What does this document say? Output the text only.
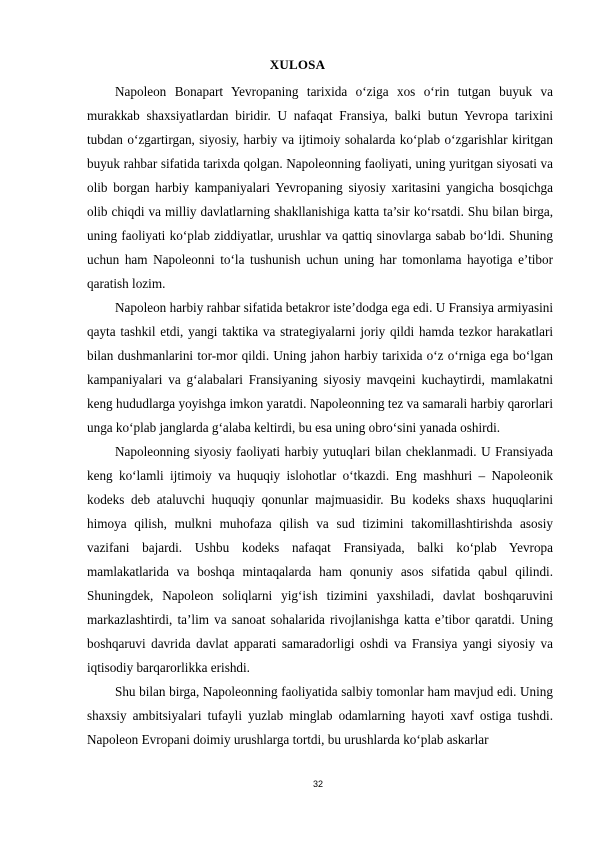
XULOSA

Napoleon Bonapart Yevropaning tarixida o‘ziga xos o‘rin tutgan buyuk va murakkab shaxsiyatlardan biridir. U nafaqat Fransiya, balki butun Yevropa tarixini tubdan o‘zgartirgan, siyosiy, harbiy va ijtimoiy sohalarda ko‘plab o‘zgarishlar kiritgan buyuk rahbar sifatida tarixda qolgan. Napoleonning faoliyati, uning yuritgan siyosati va olib borgan harbiy kampaniyalari Yevropaning siyosiy xaritasini yangicha bosqichga olib chiqdi va milliy davlatlarning shakllanishiga katta ta’sir ko‘rsatdi. Shu bilan birga, uning faoliyati ko‘plab ziddiyatlar, urushlar va qattiq sinovlarga sabab bo‘ldi. Shuning uchun ham Napoleonni to‘la tushunish uchun uning har tomonlama hayotiga e’tibor qaratish lozim.

Napoleon harbiy rahbar sifatida betakror iste’dodga ega edi. U Fransiya armiyasini qayta tashkil etdi, yangi taktika va strategiyalarni joriy qildi hamda tezkor harakatlari bilan dushmanlarini tor-mor qildi. Uning jahon harbiy tarixida o‘z o‘rniga ega bo‘lgan kampaniyalari va g‘alabalari Fransiyaning siyosiy mavqeini kuchaytirdi, mamlakatni keng hududlarga yoyishga imkon yaratdi. Napoleonning tez va samarali harbiy qarorlari unga ko‘plab janglarda g‘alaba keltirdi, bu esa uning obro‘sini yanada oshirdi.

Napoleonning siyosiy faoliyati harbiy yutuqlari bilan cheklanmadi. U Fransiyada keng ko‘lamli ijtimoiy va huquqiy islohotlar o‘tkazdi. Eng mashhuri – Napoleonik kodeks deb ataluvchi huquqiy qonunlar majmuasidir. Bu kodeks shaxs huquqlarini himoya qilish, mulkni muhofaza qilish va sud tizimini takomillashtirishda asosiy vazifani bajardi. Ushbu kodeks nafaqat Fransiyada, balki ko‘plab Yevropa mamlakatlarida va boshqa mintaqalarda ham qonuniy asos sifatida qabul qilindi. Shuningdek, Napoleon soliqlarni yig‘ish tizimini yaxshiladi, davlat boshqaruvini markazlashtirdi, ta’lim va sanoat sohalarida rivojlanishga katta e’tibor qaratdi. Uning boshqaruvi davrida davlat apparati samaradorligi oshdi va Fransiya yangi siyosiy va iqtisodiy barqarorlikka erishdi.

Shu bilan birga, Napoleonning faoliyatida salbiy tomonlar ham mavjud edi. Uning shaxsiy ambitsiyalari tufayli yuzlab minglab odamlarning hayoti xavf ostiga tushdi. Napoleon Evropani doimiy urushlarga tortdi, bu urushlarda ko‘plab askarlar

32
